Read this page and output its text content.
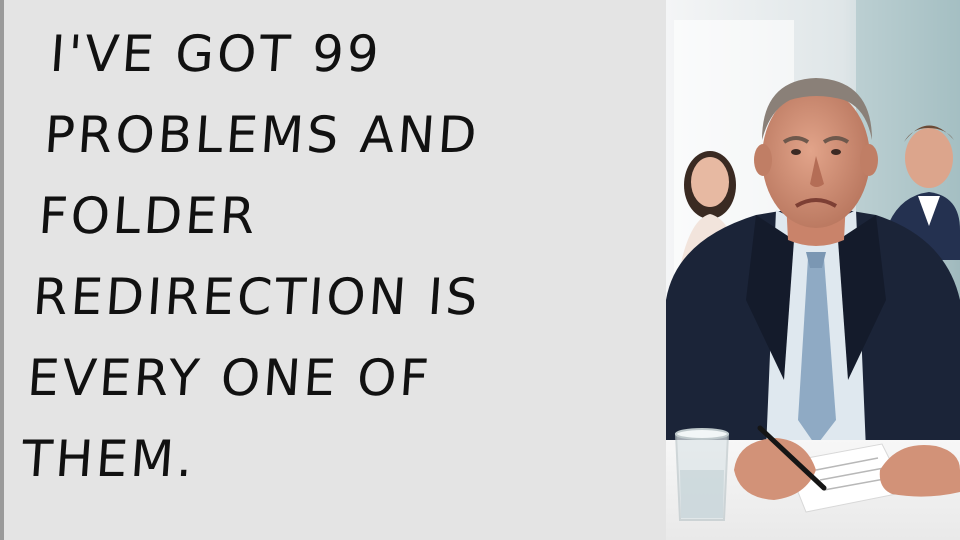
I'VE GOT 99
PROBLEMS AND
FOLDER
REDIRECTION IS
EVERY ONE OF
THEM.
